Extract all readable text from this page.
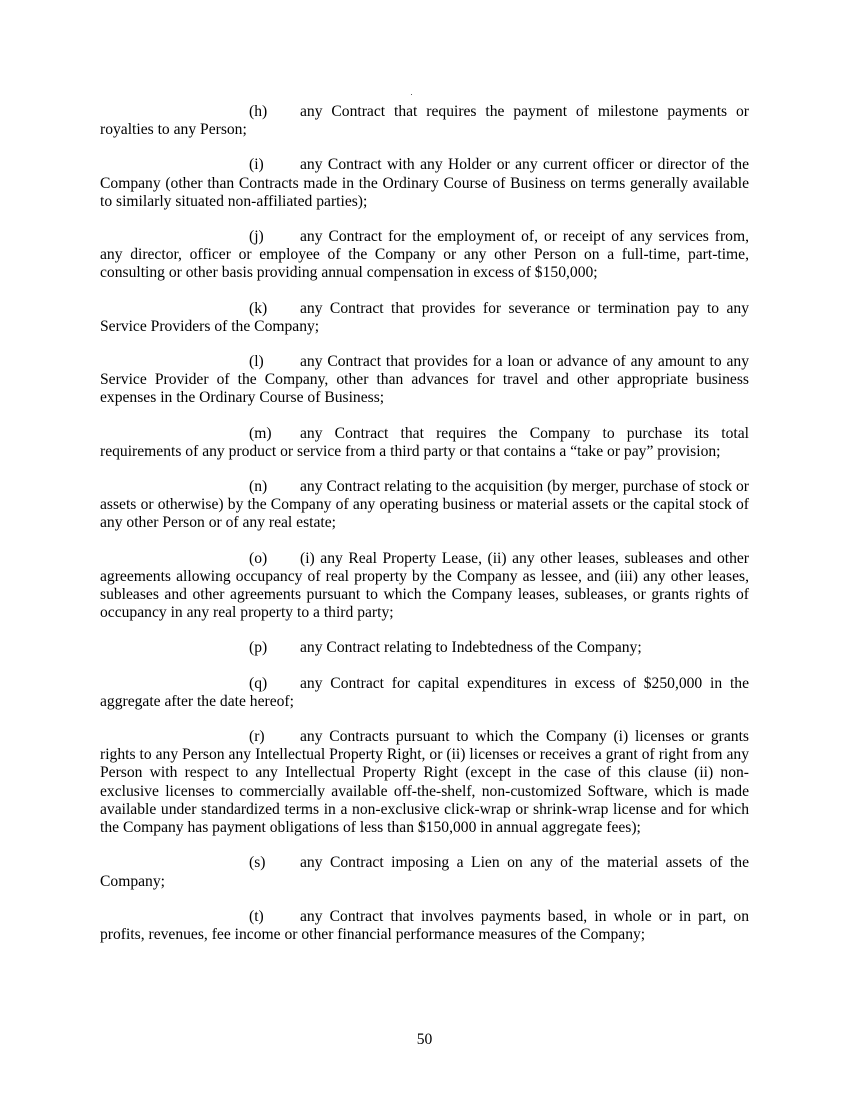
(h) any Contract that requires the payment of milestone payments or royalties to any Person;

(i) any Contract with any Holder or any current officer or director of the Company (other than Contracts made in the Ordinary Course of Business on terms generally available to similarly situated non-affiliated parties);

(j) any Contract for the employment of, or receipt of any services from, any director, officer or employee of the Company or any other Person on a full-time, part-time, consulting or other basis providing annual compensation in excess of $150,000;

(k) any Contract that provides for severance or termination pay to any Service Providers of the Company;

(l) any Contract that provides for a loan or advance of any amount to any Service Provider of the Company, other than advances for travel and other appropriate business expenses in the Ordinary Course of Business;

(m) any Contract that requires the Company to purchase its total requirements of any product or service from a third party or that contains a “take or pay” provision;

(n) any Contract relating to the acquisition (by merger, purchase of stock or assets or otherwise) by the Company of any operating business or material assets or the capital stock of any other Person or of any real estate;

(o) (i) any Real Property Lease, (ii) any other leases, subleases and other agreements allowing occupancy of real property by the Company as lessee, and (iii) any other leases, subleases and other agreements pursuant to which the Company leases, subleases, or grants rights of occupancy in any real property to a third party;

(p) any Contract relating to Indebtedness of the Company;

(q) any Contract for capital expenditures in excess of $250,000 in the aggregate after the date hereof;

(r) any Contracts pursuant to which the Company (i) licenses or grants rights to any Person any Intellectual Property Right, or (ii) licenses or receives a grant of right from any Person with respect to any Intellectual Property Right (except in the case of this clause (ii) non-exclusive licenses to commercially available off-the-shelf, non-customized Software, which is made available under standardized terms in a non-exclusive click-wrap or shrink-wrap license and for which the Company has payment obligations of less than $150,000 in annual aggregate fees);

(s) any Contract imposing a Lien on any of the material assets of the Company;

(t) any Contract that involves payments based, in whole or in part, on profits, revenues, fee income or other financial performance measures of the Company;

50
